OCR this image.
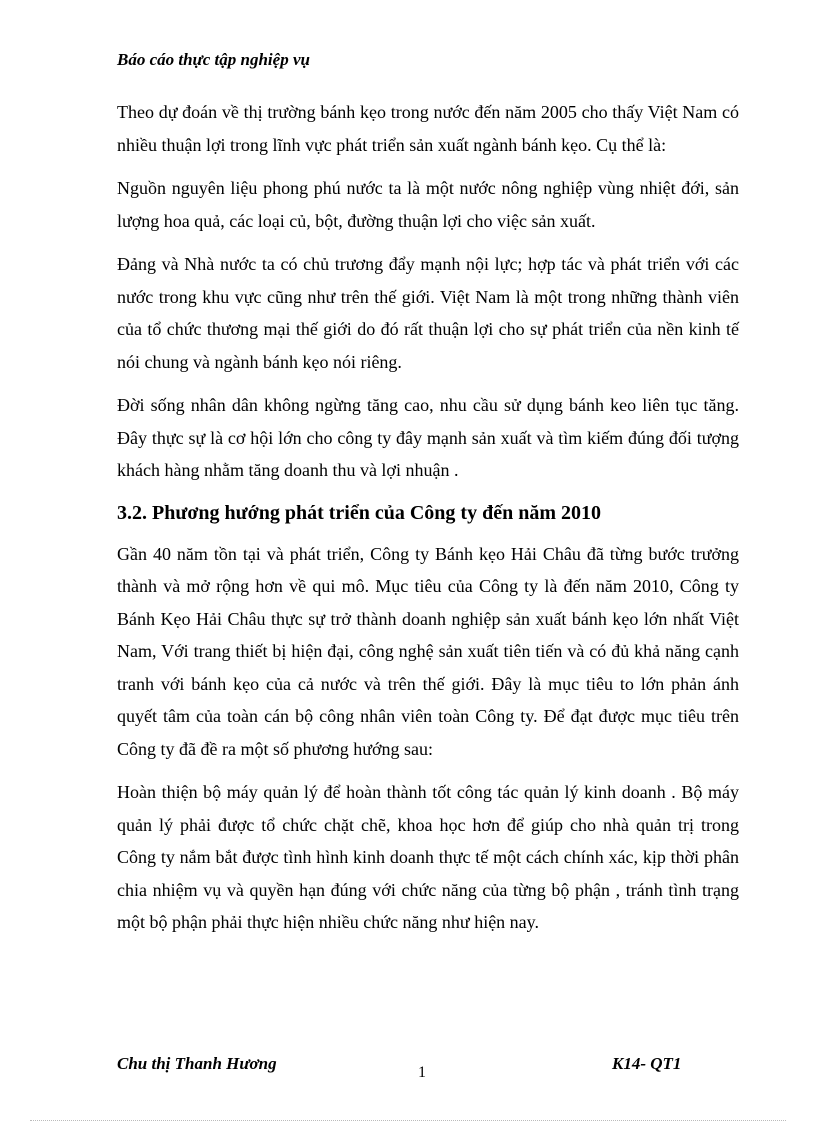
Báo cáo thực tập nghiệp vụ

Theo dự đoán về thị trường bánh kẹo trong nước đến năm 2005 cho thấy Việt Nam có nhiều thuận lợi trong lĩnh vực phát triển sản xuất ngành bánh kẹo. Cụ thể là:

Nguồn nguyên liệu phong phú nước ta là một nước nông nghiệp vùng nhiệt đới, sản lượng hoa quả, các loại củ, bột, đường thuận lợi cho việc sản xuất.

Đảng và Nhà nước ta có chủ trương đẩy mạnh nội lực; hợp tác và phát triển với các nước trong khu vực cũng như trên thế giới. Việt Nam là một trong những thành viên của tổ chức thương mại thế giới do đó rất thuận lợi cho sự phát triển của nền kinh tế nói chung và ngành bánh kẹo nói riêng.

Đời sống nhân dân không ngừng tăng cao, nhu cầu sử dụng bánh keo liên tục tăng. Đây thực sự là cơ hội lớn cho công ty đây mạnh sản xuất và tìm kiếm đúng đối tượng khách hàng nhằm tăng doanh thu và lợi nhuận .

3.2. Phương hướng phát triển của Công ty đến năm 2010

Gần 40 năm tồn tại và phát triển, Công ty Bánh kẹo Hải Châu đã từng bước trưởng thành và mở rộng hơn về qui mô. Mục tiêu của Công ty là đến năm 2010, Công ty Bánh Kẹo Hải Châu thực sự trở thành doanh nghiệp sản xuất bánh kẹo lớn nhất Việt Nam, Với trang thiết bị hiện đại, công nghệ sản xuất tiên tiến và có đủ khả năng cạnh tranh với bánh kẹo của cả nước và trên thế giới. Đây là mục tiêu to lớn phản ánh quyết tâm của toàn cán bộ công nhân viên toàn Công ty. Để đạt được mục tiêu trên Công ty đã đề ra một số phương hướng sau:

Hoàn thiện bộ máy quản lý để hoàn thành tốt công tác quản lý kinh doanh . Bộ máy quản lý phải được tổ chức chặt chẽ, khoa học hơn để giúp cho nhà quản trị trong Công ty nắm bắt được tình hình kinh doanh thực tế một cách chính xác, kịp thời phân chia nhiệm vụ và quyền hạn đúng với chức năng của từng bộ phận , tránh tình trạng một bộ phận phải thực hiện nhiều chức năng như hiện nay.

Chu thị Thanh Hương	1	K14- QT1
